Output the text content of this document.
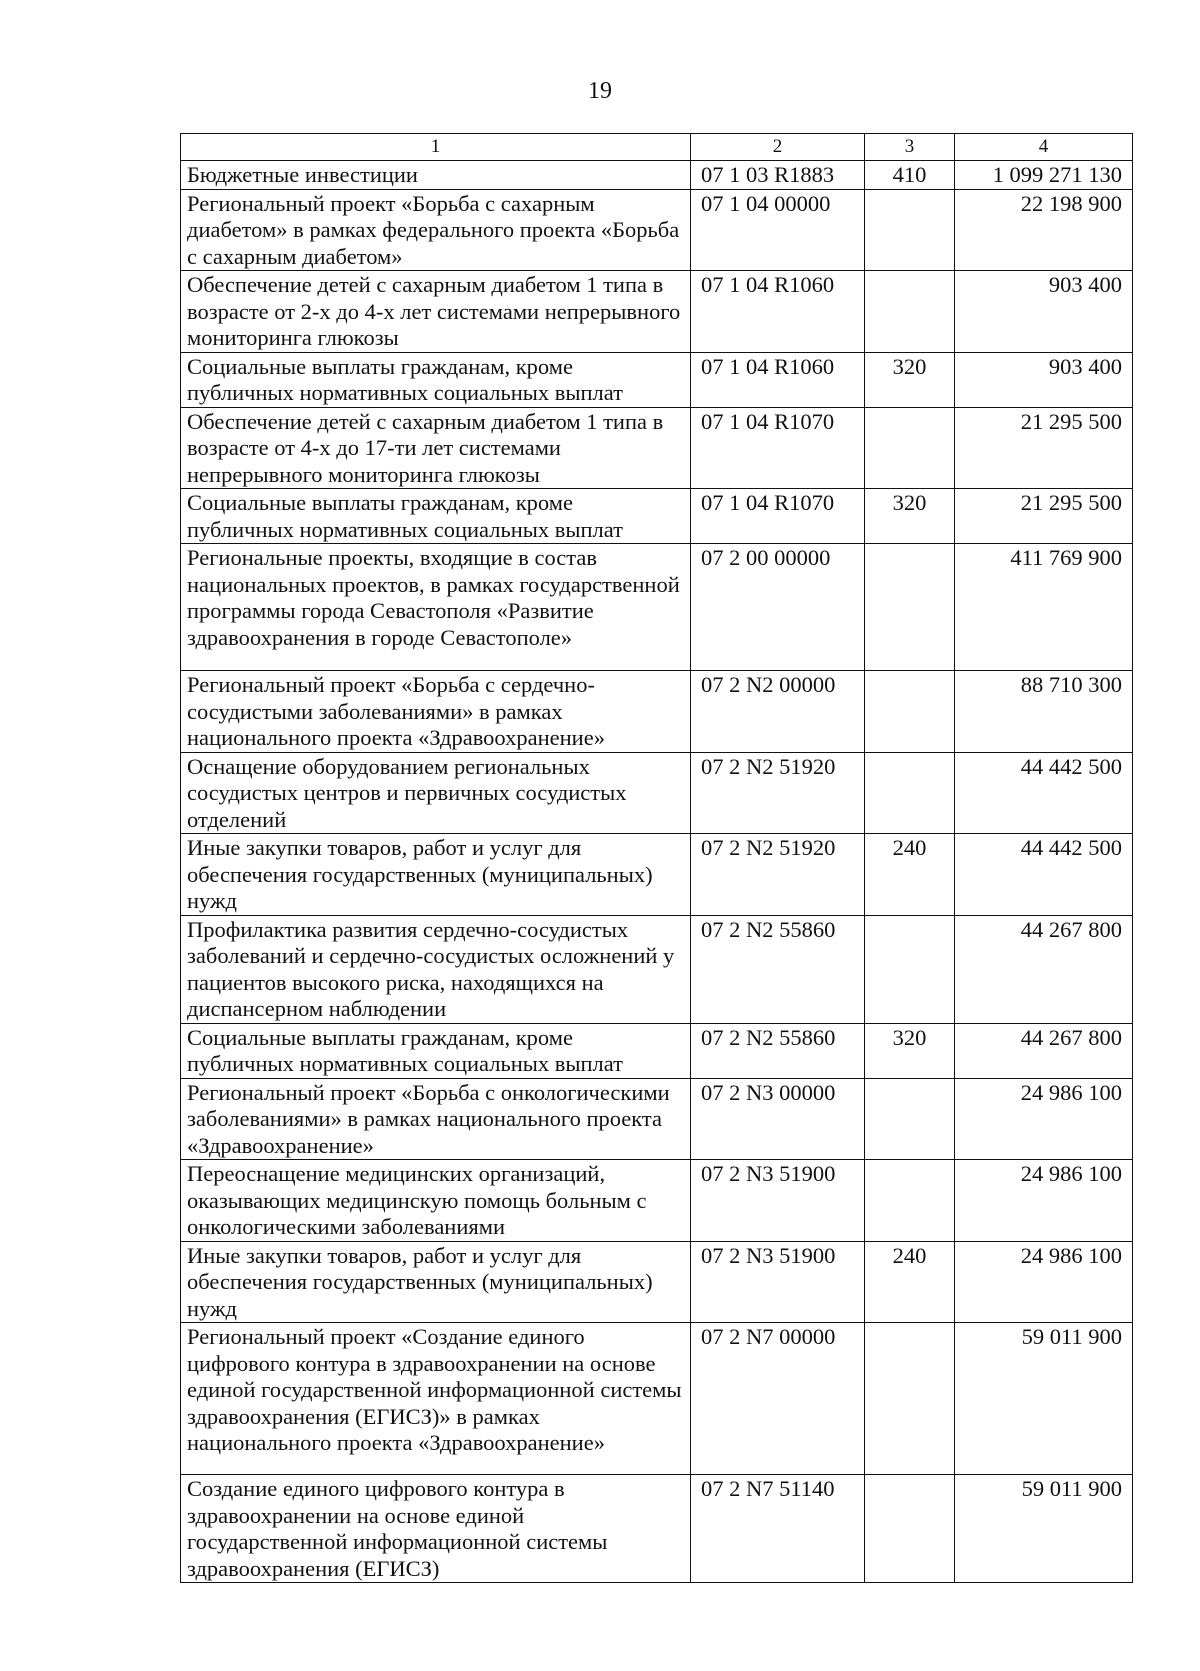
19
1	2	3	4
Бюджетные инвестиции	07 1 03 R1883	410	1 099 271 130
Региональный проект «Борьба с сахарным диабетом» в рамках федерального проекта «Борьба с сахарным диабетом»	07 1 04 00000		22 198 900
Обеспечение детей с сахарным диабетом 1 типа в возрасте от 2-х до 4-х лет системами непрерывного мониторинга глюкозы	07 1 04 R1060		903 400
Социальные выплаты гражданам, кроме публичных нормативных социальных выплат	07 1 04 R1060	320	903 400
Обеспечение детей с сахарным диабетом 1 типа в возрасте от 4-х до 17-ти лет системами непрерывного мониторинга глюкозы	07 1 04 R1070		21 295 500
Социальные выплаты гражданам, кроме публичных нормативных социальных выплат	07 1 04 R1070	320	21 295 500
Региональные проекты, входящие в состав национальных проектов, в рамках государственной программы города Севастополя «Развитие здравоохранения в городе Севастополе»	07 2 00 00000		411 769 900
Региональный проект «Борьба с сердечно-сосудистыми заболеваниями» в рамках национального проекта «Здравоохранение»	07 2 N2 00000		88 710 300
Оснащение оборудованием региональных сосудистых центров и первичных сосудистых отделений	07 2 N2 51920		44 442 500
Иные закупки товаров, работ и услуг для обеспечения государственных (муниципальных) нужд	07 2 N2 51920	240	44 442 500
Профилактика развития сердечно-сосудистых заболеваний и сердечно-сосудистых осложнений у пациентов высокого риска, находящихся на диспансерном наблюдении	07 2 N2 55860		44 267 800
Социальные выплаты гражданам, кроме публичных нормативных социальных выплат	07 2 N2 55860	320	44 267 800
Региональный проект «Борьба с онкологическими заболеваниями» в рамках национального проекта «Здравоохранение»	07 2 N3 00000		24 986 100
Переоснащение медицинских организаций, оказывающих медицинскую помощь больным с онкологическими заболеваниями	07 2 N3 51900		24 986 100
Иные закупки товаров, работ и услуг для обеспечения государственных (муниципальных) нужд	07 2 N3 51900	240	24 986 100
Региональный проект «Создание единого цифрового контура в здравоохранении на основе единой государственной информационной системы здравоохранения (ЕГИСЗ)» в рамках национального проекта «Здравоохранение»	07 2 N7 00000		59 011 900
Создание единого цифрового контура в здравоохранении на основе единой государственной информационной системы здравоохранения (ЕГИСЗ)	07 2 N7 51140		59 011 900
